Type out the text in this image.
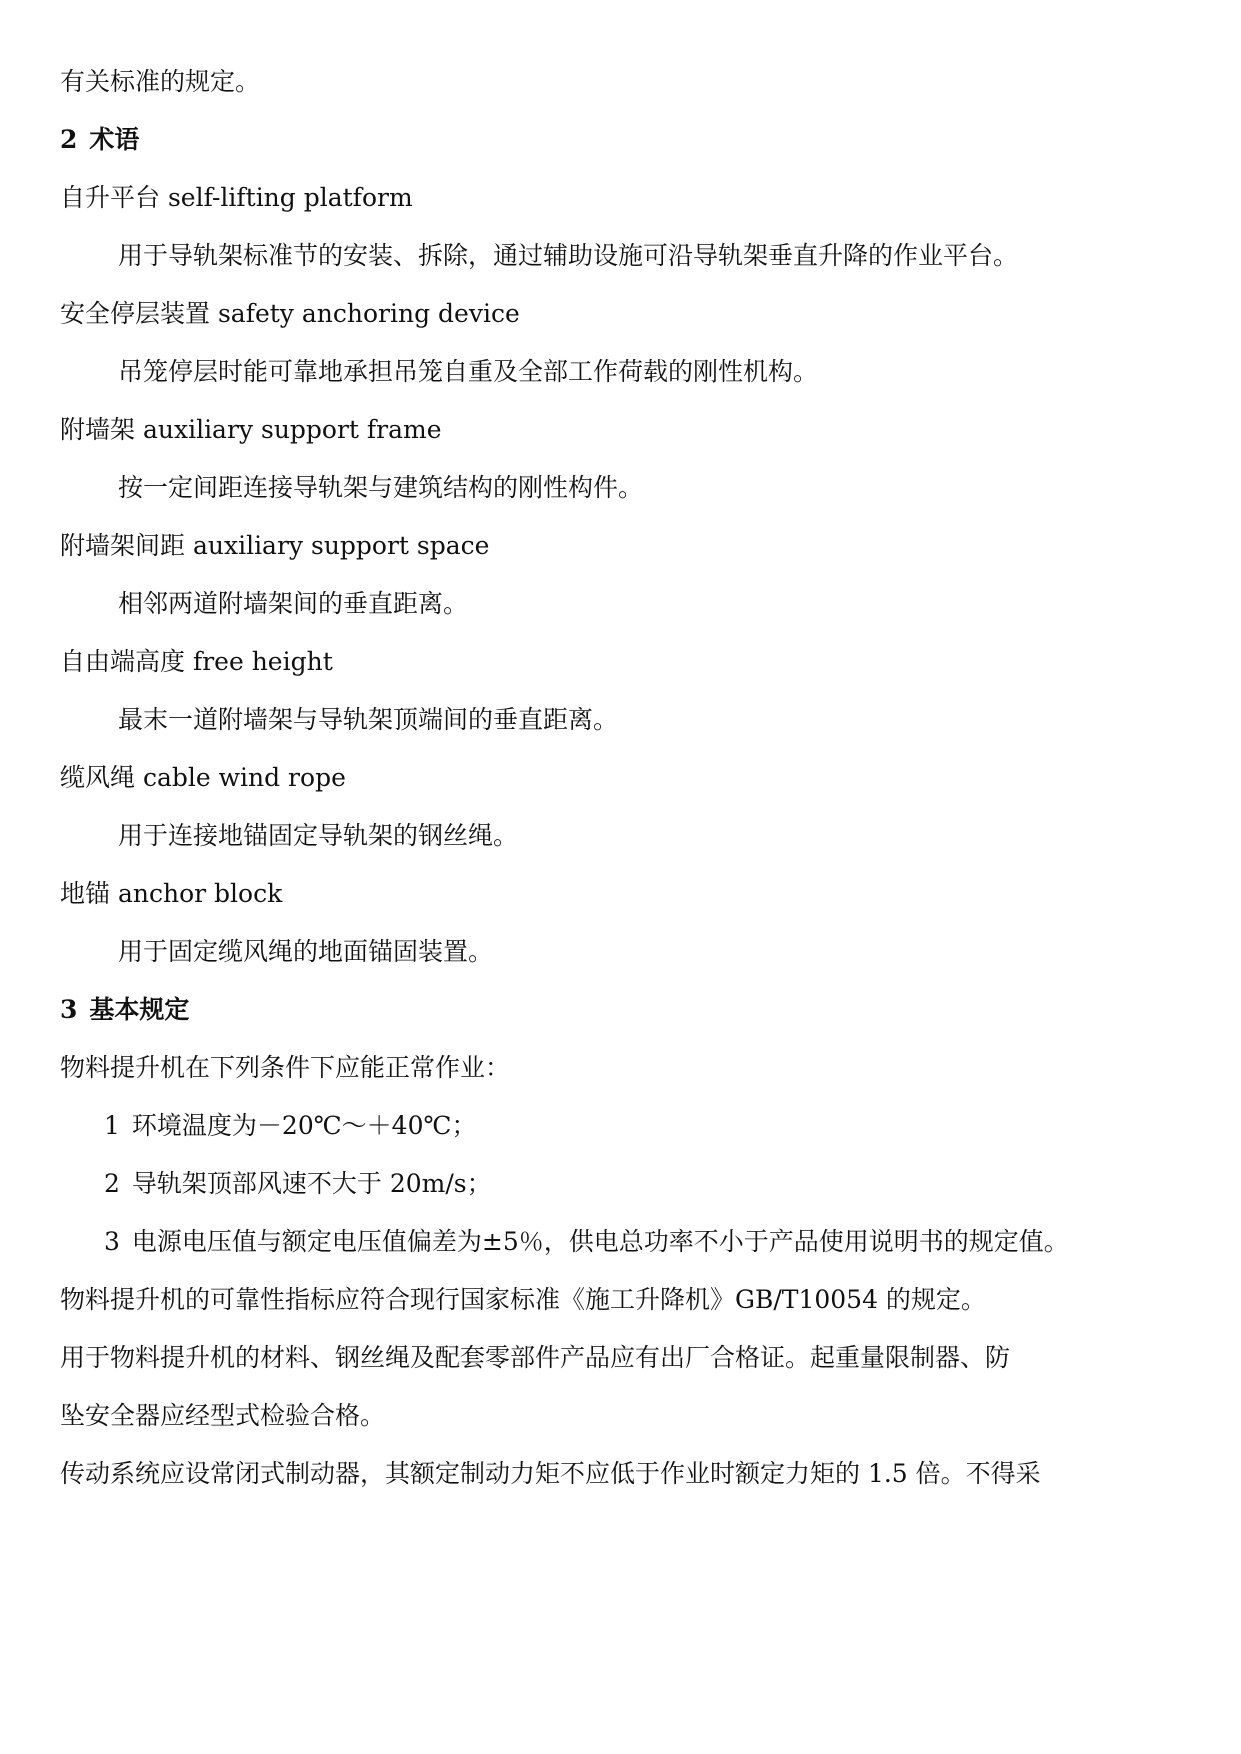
有关标准的规定。
2 术语
自升平台 self-lifting platform
用于导轨架标准节的安装、拆除，通过辅助设施可沿导轨架垂直升降的作业平台。
安全停层装置 safety anchoring device
吊笼停层时能可靠地承担吊笼自重及全部工作荷载的刚性机构。
附墙架 auxiliary support frame
按一定间距连接导轨架与建筑结构的刚性构件。
附墙架间距 auxiliary support space
相邻两道附墙架间的垂直距离。
自由端高度 free height
最末一道附墙架与导轨架顶端间的垂直距离。
缆风绳 cable wind rope
用于连接地锚固定导轨架的钢丝绳。
地锚 anchor block
用于固定缆风绳的地面锚固装置。
3 基本规定
物料提升机在下列条件下应能正常作业：
1 环境温度为－20℃～＋40℃；
2 导轨架顶部风速不大于 20m/s；
3 电源电压值与额定电压值偏差为±5％，供电总功率不小于产品使用说明书的规定值。
物料提升机的可靠性指标应符合现行国家标准《施工升降机》GB/T10054 的规定。
用于物料提升机的材料、钢丝绳及配套零部件产品应有出厂合格证。起重量限制器、防
坠安全器应经型式检验合格。
传动系统应设常闭式制动器，其额定制动力矩不应低于作业时额定力矩的 1.5 倍。不得采
